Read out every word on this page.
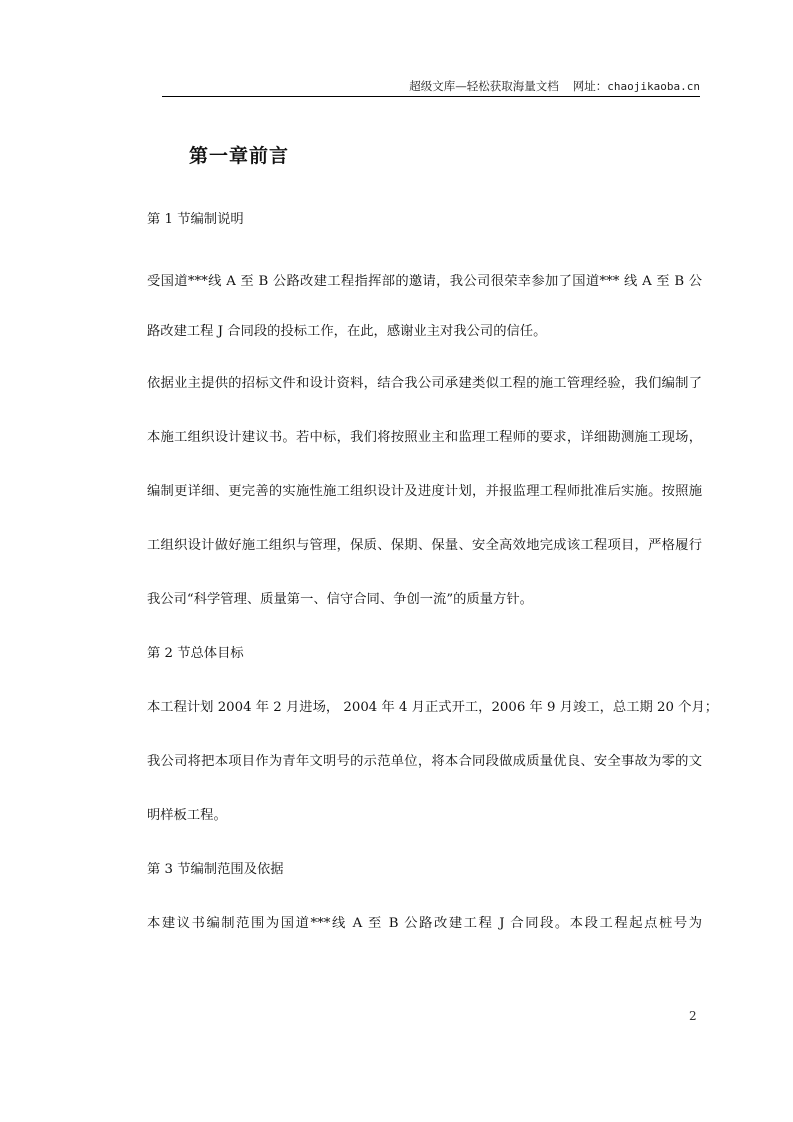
超级文库—轻松获取海量文档 网址：chaojikaoba.cn
第一章前言
第 1 节编制说明
受国道***线 A 至 B 公路改建工程指挥部的邀请，我公司很荣幸参加了国道*** 线 A 至 B 公
路改建工程 J 合同段的投标工作，在此，感谢业主对我公司的信任。
依据业主提供的招标文件和设计资料，结合我公司承建类似工程的施工管理经验，我们编制了
本施工组织设计建议书。若中标，我们将按照业主和监理工程师的要求，详细勘测施工现场，
编制更详细、更完善的实施性施工组织设计及进度计划，并报监理工程师批准后实施。按照施
工组织设计做好施工组织与管理，保质、保期、保量、安全高效地完成该工程项目，严格履行
我公司“科学管理、质量第一、信守合同、争创一流”的质量方针。
第 2 节总体目标
本工程计划 2004 年 2 月进场， 2004 年 4 月正式开工，2006 年 9 月竣工，总工期 20 个月；
我公司将把本项目作为青年文明号的示范单位，将本合同段做成质量优良、安全事故为零的文
明样板工程。
第 3 节编制范围及依据
本建议书编制范围为国道***线 A 至 B 公路改建工程 J 合同段。本段工程起点桩号为
2
